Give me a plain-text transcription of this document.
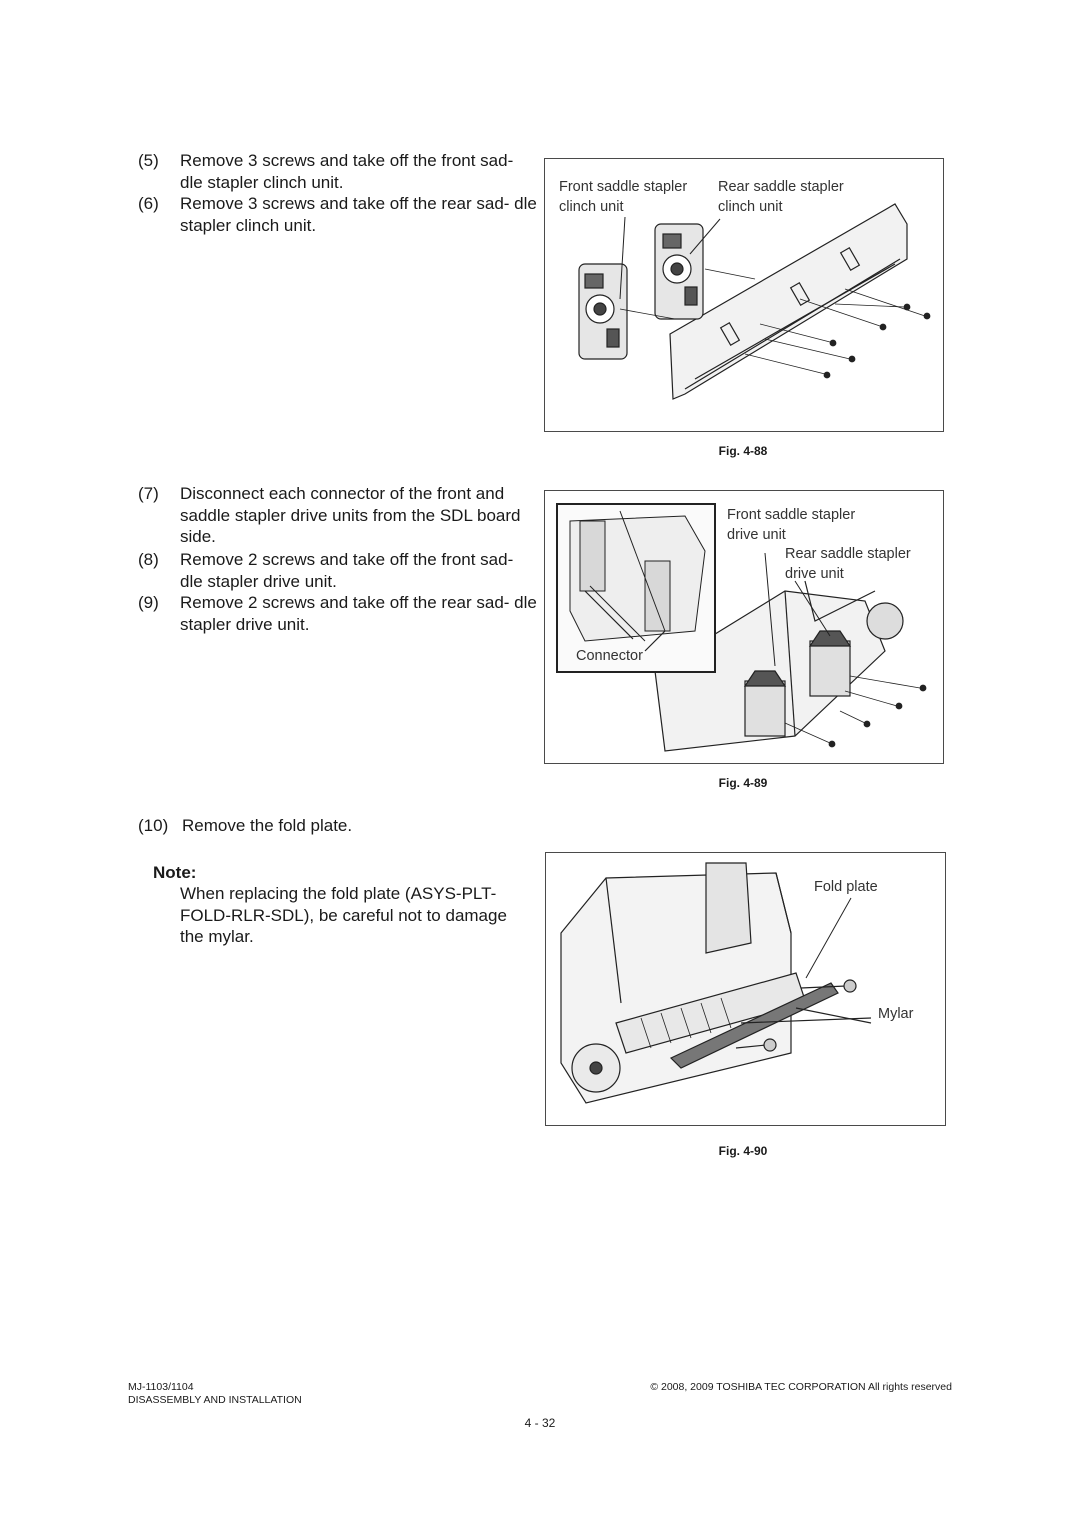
(5) Remove 3 screws and take off the front sad- dle stapler clinch unit.
(6) Remove 3 screws and take off the rear sad- dle stapler clinch unit.
(7) Disconnect each connector of the front and saddle stapler drive units from the SDL board side.
(8) Remove 2 screws and take off the front sad- dle stapler drive unit.
(9) Remove 2 screws and take off the rear sad- dle stapler drive unit.
(10) Remove the fold plate.
Note:
When replacing the fold plate (ASYS-PLT-FOLD-RLR-SDL), be careful not to damage the mylar.
Front saddle stapler
clinch unit
Rear saddle stapler
clinch unit
Fig. 4-88
Front saddle stapler
drive unit
Rear saddle stapler
drive unit
Connector
Fig. 4-89
Fold plate
Mylar
Fig. 4-90
MJ-1103/1104
DISASSEMBLY AND INSTALLATION
© 2008, 2009 TOSHIBA TEC CORPORATION All rights reserved
4 - 32
